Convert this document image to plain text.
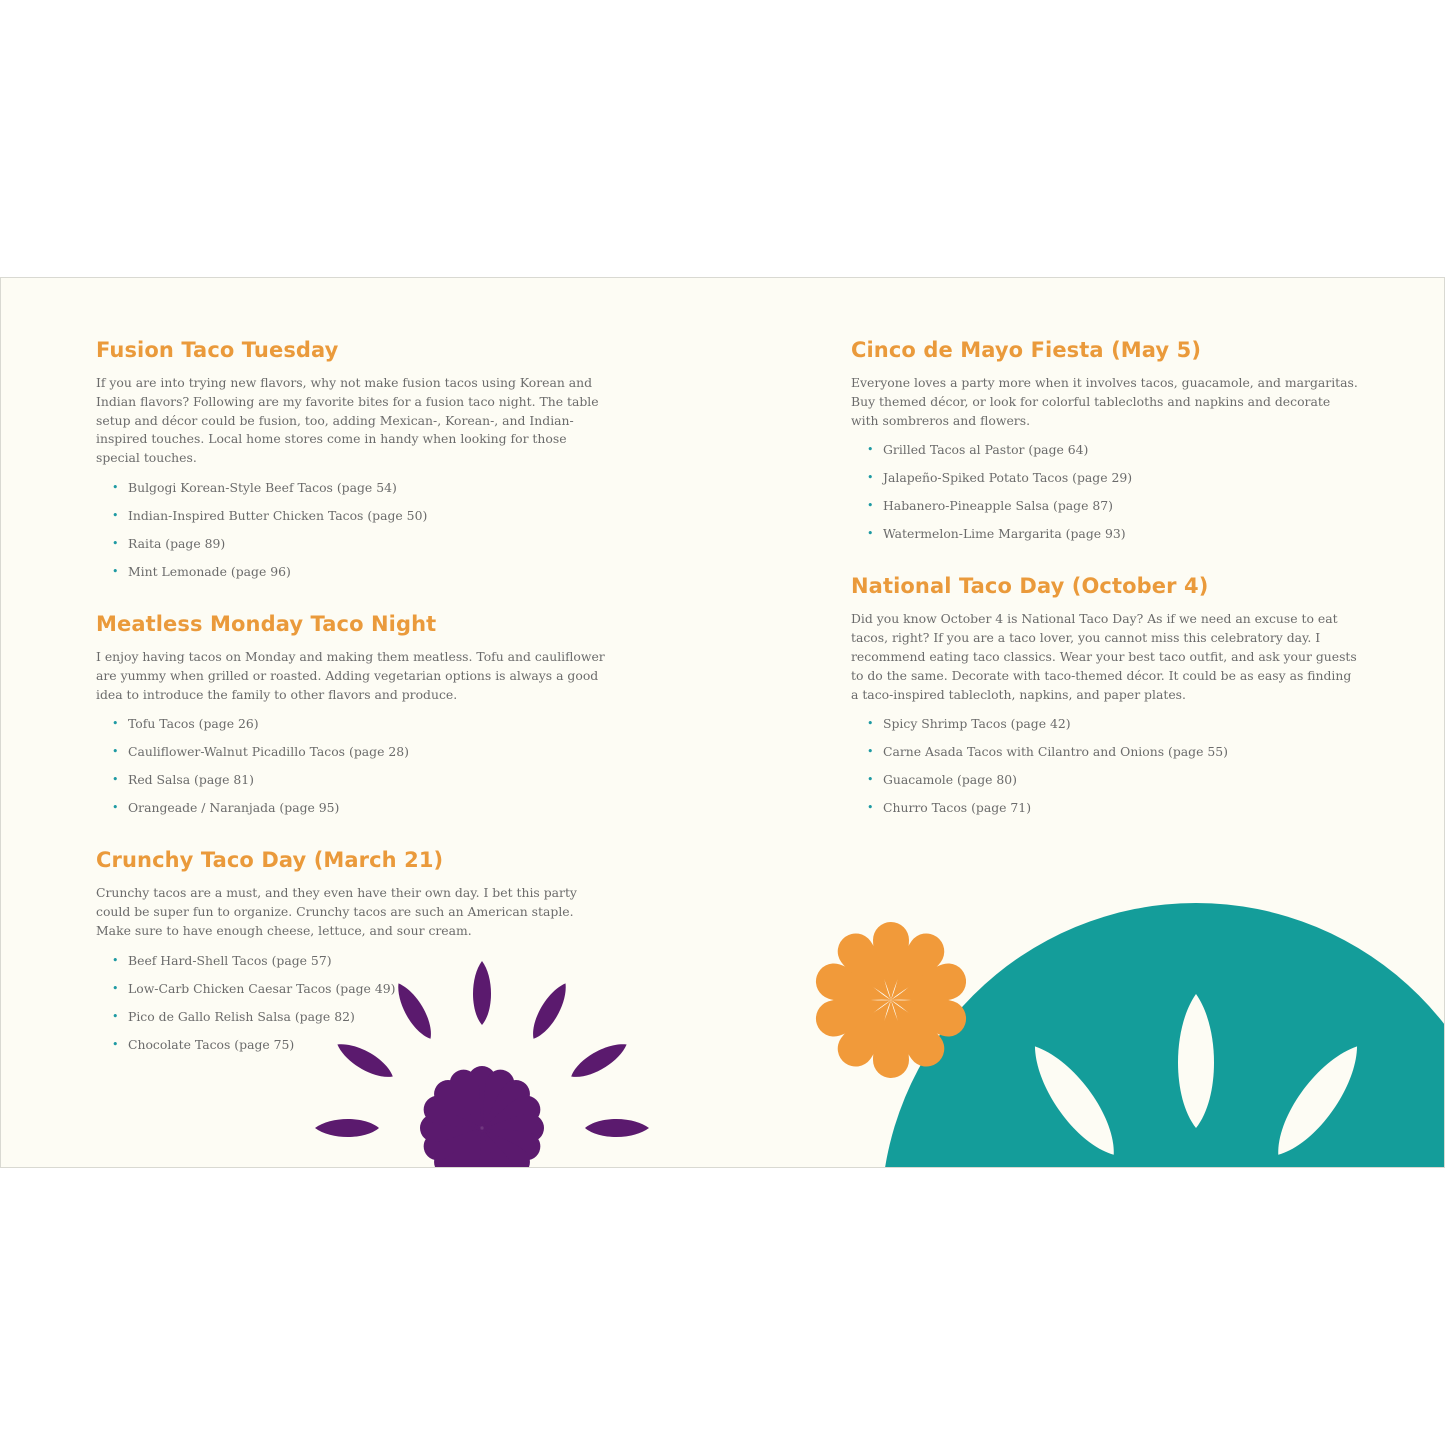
Fusion Taco Tuesday

If you are into trying new flavors, why not make fusion tacos using Korean and Indian flavors? Following are my favorite bites for a fusion taco night. The table setup and décor could be fusion, too, adding Mexican-, Korean-, and Indian-inspired touches. Local home stores come in handy when looking for those special touches.

• Bulgogi Korean-Style Beef Tacos (page 54)
• Indian-Inspired Butter Chicken Tacos (page 50)
• Raita (page 89)
• Mint Lemonade (page 96)
Meatless Monday Taco Night

I enjoy having tacos on Monday and making them meatless. Tofu and cauliflower are yummy when grilled or roasted. Adding vegetarian options is always a good idea to introduce the family to other flavors and produce.

• Tofu Tacos (page 26)
• Cauliflower-Walnut Picadillo Tacos (page 28)
• Red Salsa (page 81)
• Orangeade / Naranjada (page 95)
Crunchy Taco Day (March 21)

Crunchy tacos are a must, and they even have their own day. I bet this party could be super fun to organize. Crunchy tacos are such an American staple. Make sure to have enough cheese, lettuce, and sour cream.

• Beef Hard-Shell Tacos (page 57)
• Low-Carb Chicken Caesar Tacos (page 49)
• Pico de Gallo Relish Salsa (page 82)
• Chocolate Tacos (page 75)
Cinco de Mayo Fiesta (May 5)

Everyone loves a party more when it involves tacos, guacamole, and margaritas. Buy themed décor, or look for colorful tablecloths and napkins and decorate with sombreros and flowers.

• Grilled Tacos al Pastor (page 64)
• Jalapeño-Spiked Potato Tacos (page 29)
• Habanero-Pineapple Salsa (page 87)
• Watermelon-Lime Margarita (page 93)
National Taco Day (October 4)

Did you know October 4 is National Taco Day? As if we need an excuse to eat tacos, right? If you are a taco lover, you cannot miss this celebratory day. I recommend eating taco classics. Wear your best taco outfit, and ask your guests to do the same. Decorate with taco-themed décor. It could be as easy as finding a taco-inspired tablecloth, napkins, and paper plates.

• Spicy Shrimp Tacos (page 42)
• Carne Asada Tacos with Cilantro and Onions (page 55)
• Guacamole (page 80)
• Churro Tacos (page 71)
